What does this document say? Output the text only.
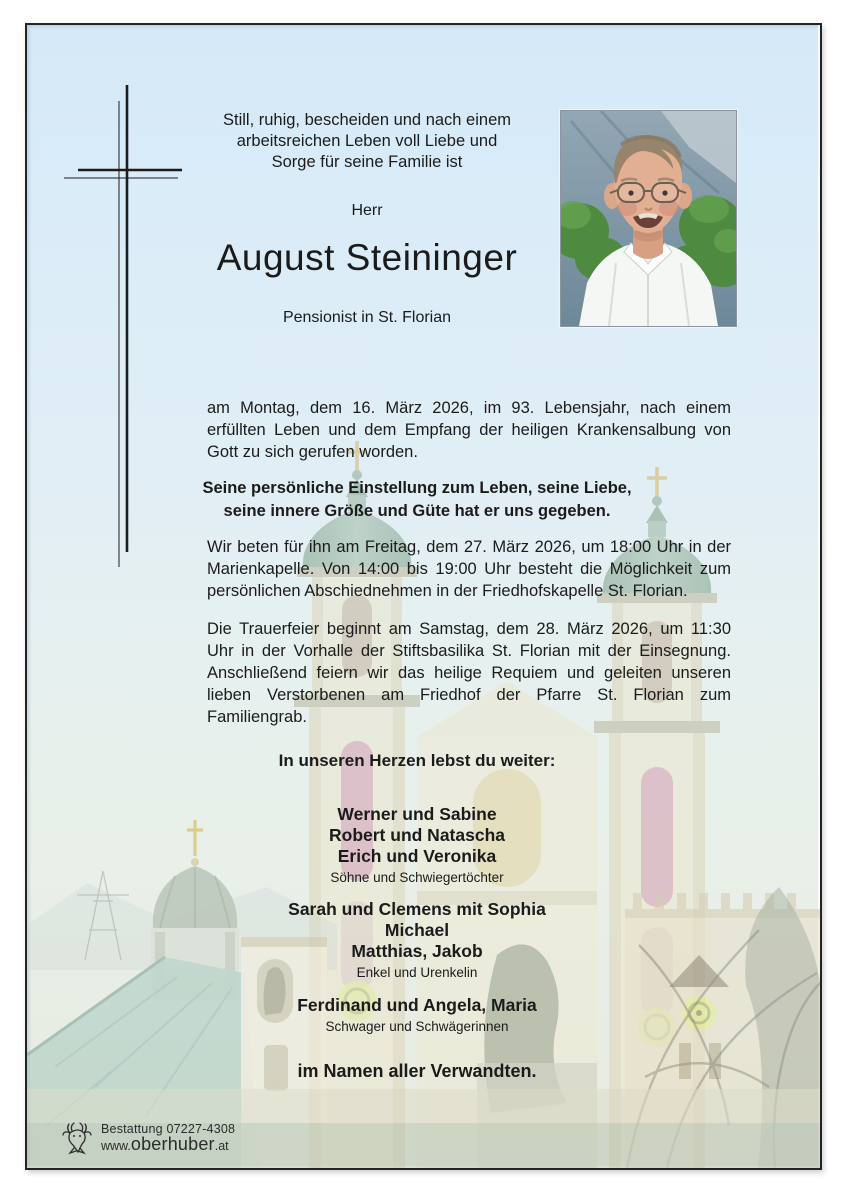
Still, ruhig, bescheiden und nach einem
arbeitsreichen Leben voll Liebe und
Sorge für seine Familie ist
Herr
August Steininger
Pensionist in St. Florian

am Montag, dem 16. März 2026, im 93. Lebensjahr, nach einem erfüllten Leben und dem Empfang der heiligen Krankensalbung von Gott zu sich gerufen worden.

Seine persönliche Einstellung zum Leben, seine Liebe,
seine innere Größe und Güte hat er uns gegeben.

Wir beten für ihn am Freitag, dem 27. März 2026, um 18:00 Uhr in der Marienkapelle. Von 14:00 bis 19:00 Uhr besteht die Möglichkeit zum persönlichen Abschiednehmen in der Friedhofskapelle St. Florian.

Die Trauerfeier beginnt am Samstag, dem 28. März 2026, um 11:30 Uhr in der Vorhalle der Stiftsbasilika St. Florian mit der Einsegnung. Anschließend feiern wir das heilige Requiem und geleiten unseren lieben Verstorbenen am Friedhof der Pfarre St. Florian zum Familiengrab.

In unseren Herzen lebst du weiter:
Werner und Sabine
Robert und Natascha
Erich und Veronika
Söhne und Schwiegertöchter
Sarah und Clemens mit Sophia
Michael
Matthias, Jakob
Enkel und Urenkelin
Ferdinand und Angela, Maria
Schwager und Schwägerinnen
im Namen aller Verwandten.
Bestattung 07227-4308
www.oberhuber.at
